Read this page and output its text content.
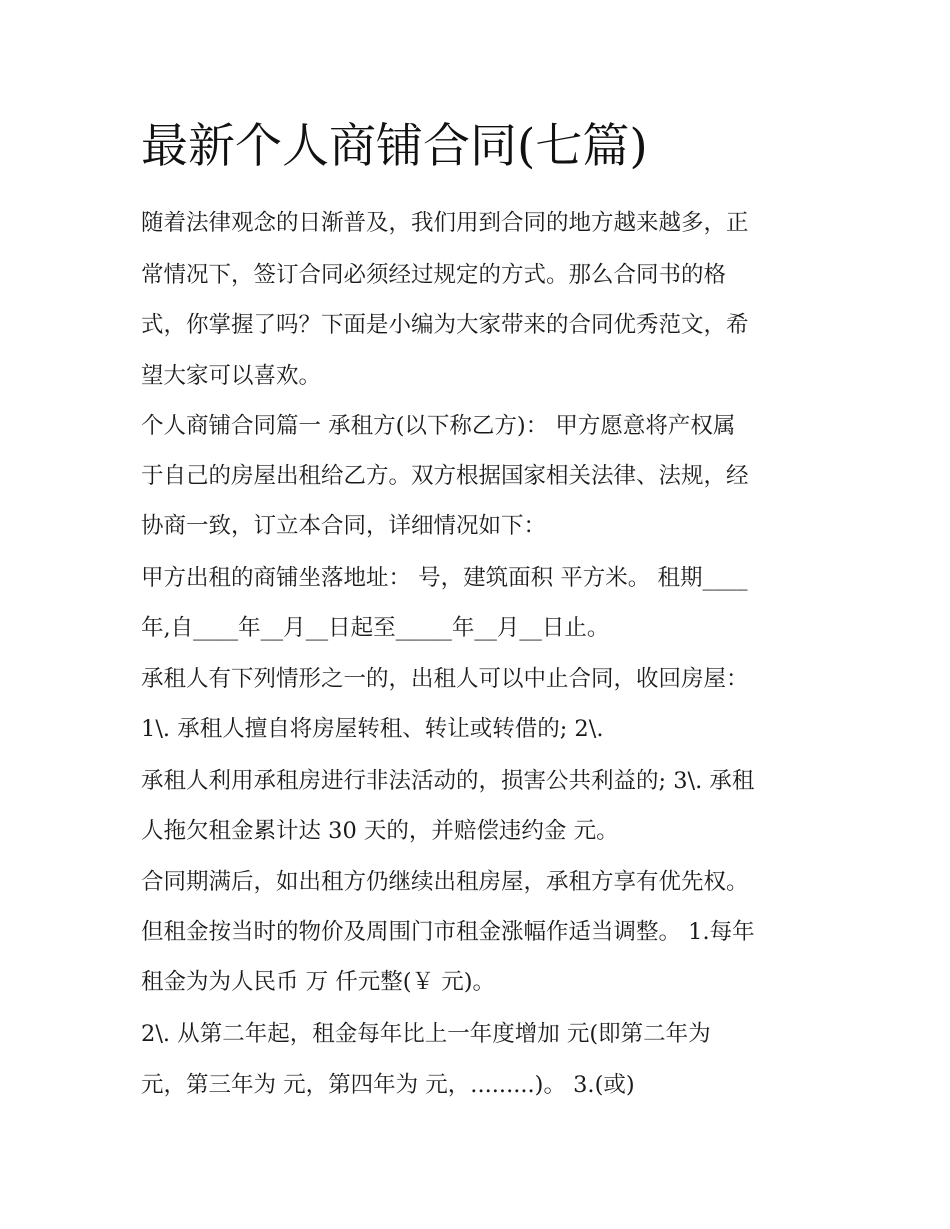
最新个人商铺合同(七篇)

随着法律观念的日渐普及，我们用到合同的地方越来越多，正

常情况下，签订合同必须经过规定的方式。那么合同书的格

式，你掌握了吗？下面是小编为大家带来的合同优秀范文，希

望大家可以喜欢。

个人商铺合同篇一 承租方(以下称乙方)： 甲方愿意将产权属

于自己的房屋出租给乙方。双方根据国家相关法律、法规，经

协商一致，订立本合同，详细情况如下：

甲方出租的商铺坐落地址： 号，建筑面积 平方米。 租期____

年,自____年__月__日起至_____年__月__日止。

承租人有下列情形之一的，出租人可以中止合同，收回房屋：

1\. 承租人擅自将房屋转租、转让或转借的; 2\.

承租人利用承租房进行非法活动的，损害公共利益的; 3\. 承租

人拖欠租金累计达 30 天的，并赔偿违约金 元。

合同期满后，如出租方仍继续出租房屋，承租方享有优先权。

但租金按当时的物价及周围门市租金涨幅作适当调整。 1.每年

租金为为人民币 万 仟元整(￥ 元)。

2\. 从第二年起，租金每年比上一年度增加 元(即第二年为

元，第三年为 元，第四年为 元，.........)。 3.(或)
